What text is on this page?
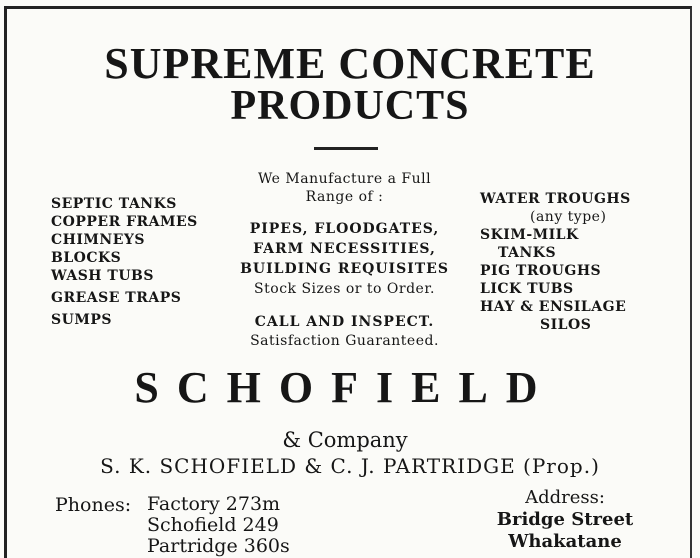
SUPREME CONCRETE
PRODUCTS
SEPTIC TANKS
COPPER FRAMES
CHIMNEYS
BLOCKS
WASH TUBS
GREASE TRAPS
SUMPS
We Manufacture a Full
Range of :
PIPES, FLOODGATES,
FARM NECESSITIES,
BUILDING REQUISITES
Stock Sizes or to Order.
CALL AND INSPECT.
Satisfaction Guaranteed.
WATER TROUGHS
(any type)
SKIM-MILK
TANKS
PIG TROUGHS
LICK TUBS
HAY & ENSILAGE
SILOS
SCHOFIELD
& Company
S. K. SCHOFIELD & C. J. PARTRIDGE (Prop.)
Phones: Factory 273m
Schofield 249
Partridge 360s
Address:
Bridge Street
Whakatane
